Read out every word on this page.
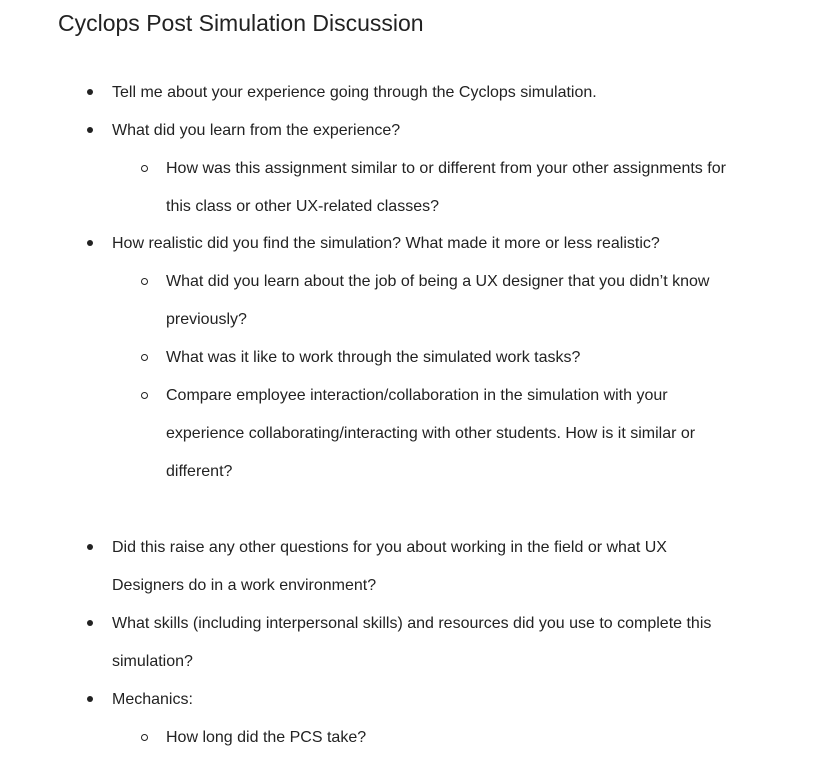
Cyclops Post Simulation Discussion
Tell me about your experience going through the Cyclops simulation.
What did you learn from the experience?
How was this assignment similar to or different from your other assignments for
this class or other UX-related classes?
How realistic did you find the simulation? What made it more or less realistic?
What did you learn about the job of being a UX designer that you didn’t know
previously?
What was it like to work through the simulated work tasks?
Compare employee interaction/collaboration in the simulation with your
experience collaborating/interacting with other students. How is it similar or
different?
Did this raise any other questions for you about working in the field or what UX
Designers do in a work environment?
What skills (including interpersonal skills) and resources did you use to complete this
simulation?
Mechanics:
How long did the PCS take?
